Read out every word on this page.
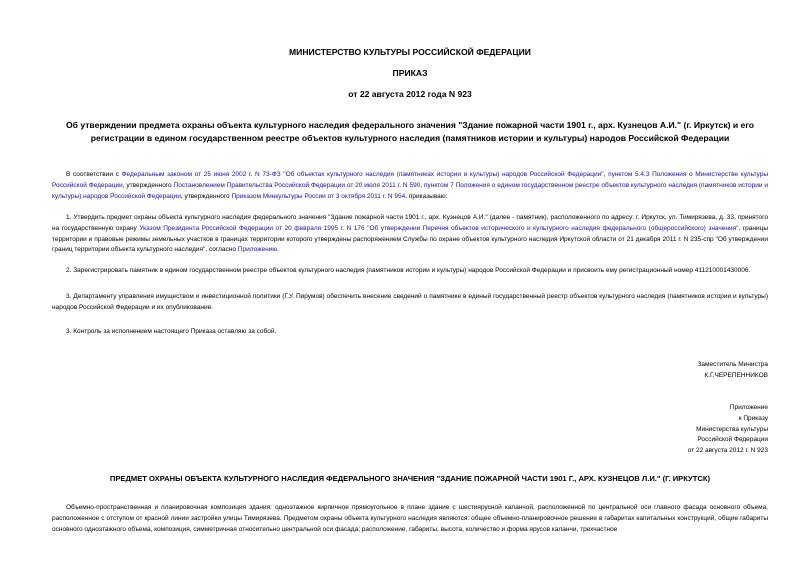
МИНИСТЕРСТВО КУЛЬТУРЫ РОССИЙСКОЙ ФЕДЕРАЦИИ
ПРИКАЗ
от 22 августа 2012 года N 923
Об утверждении предмета охраны объекта культурного наследия федерального значения "Здание пожарной части 1901 г., арх. Кузнецов А.И." (г. Иркутск) и его регистрации в едином государственном реестре объектов культурного наследия (памятников истории и культуры) народов Российской Федерации
В соответствии с Федеральным законом от 25 июня 2002 г. N 73-ФЗ "Об объектах культурного наследия (памятниках истории и культуры) народов Российской Федерации", пунктом 5.4.3 Положения о Министерстве культуры Российской Федерации, утвержденного Постановлением Правительства Российской Федерации от 20 июля 2011 г. N 590, пунктом 7 Положения о едином государственном реестре объектов культурного наследия (памятников истории и культуры) народов Российской Федерации, утвержденного Приказом Минкультуры России от 3 октября 2011 г. N 954, приказываю:
1. Утвердить предмет охраны объекта культурного наследия федерального значения "Здание пожарной части 1901 г., арх. Кузнецов А.И." (далее - памятник), расположенного по адресу: г. Иркутск, ул. Тимирязева, д. 33, принятого на государственную охрану Указом Президента Российской Федерации от 20 февраля 1995 г. N 176 "Об утверждении Перечня объектов исторического и культурного наследия федерального (общероссийского) значения", границы территории и правовые режимы земельных участков в границах территории которого утверждены распоряжением Службы по охране объектов культурного наследия Иркутской области от 21 декабря 2011 г. N 235-спр "Об утверждении границ территории объекта культурного наследия", согласно Приложению.
2. Зарегистрировать памятник в едином государственном реестре объектов культурного наследия (памятников истории и культуры) народов Российской Федерации и присвоить ему регистрационный номер 411210001430006.
3. Департаменту управления имуществом и инвестиционной политики (Г.У. Пирумов) обеспечить внесение сведений о памятнике в единый государственный реестр объектов культурного наследия (памятников истории и культуры) народов Российской Федерации и их опубликование.
3. Контроль за исполнением настоящего Приказа оставляю за собой.
Заместитель Министра
К.Г.ЧЕРЕПЕННИКОВ
Приложение
к Приказу
Министерства культуры
Российской Федерации
от 22 августа 2012 г. N 923
ПРЕДМЕТ ОХРАНЫ ОБЪЕКТА КУЛЬТУРНОГО НАСЛЕДИЯ ФЕДЕРАЛЬНОГО ЗНАЧЕНИЯ "ЗДАНИЕ ПОЖАРНОЙ ЧАСТИ 1901 Г., АРХ. КУЗНЕЦОВ Л.И." (Г. ИРКУТСК)
Объемно-пространственная и планировочная композиция здания: одноэтажное кирпичное прямоугольное в плане здание с шестиярусной каланчой, расположенной по центральной оси главного фасада основного объема, расположенное с отступом от красной линии застройки улицы Тимирязева. Предметом охраны объекта культурного наследия являются: общее объемно-планировочное решение в габаритах капитальных конструкций, общие габариты основного одноэтажного объема, композиция, симметричная относительно центральной оси фасада; расположение, габариты, высота, количество и форма ярусов каланчи, трехчастное
